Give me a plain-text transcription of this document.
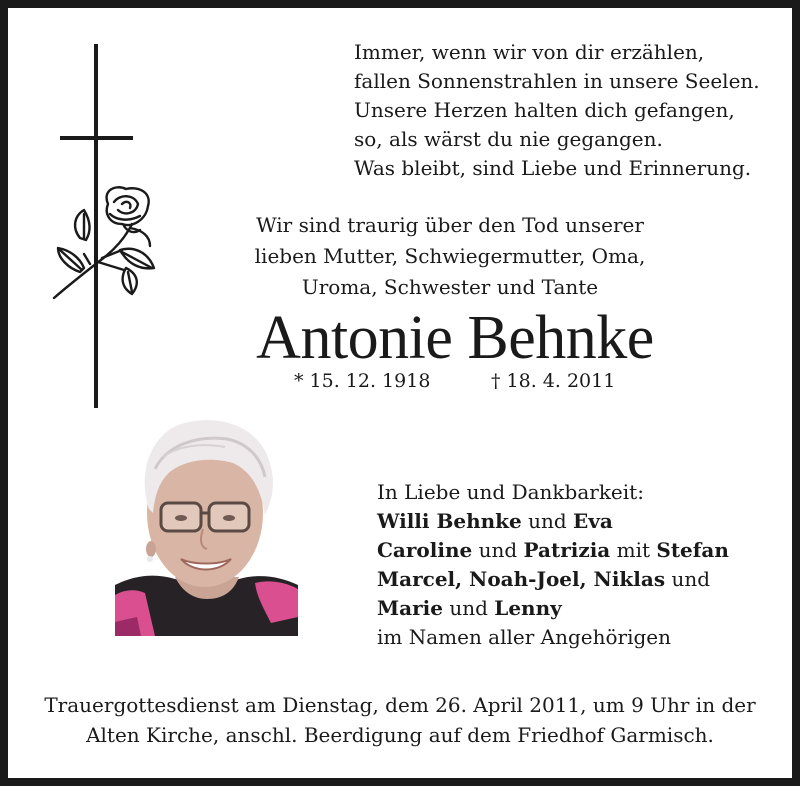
Immer, wenn wir von dir erzählen,
fallen Sonnenstrahlen in unsere Seelen.
Unsere Herzen halten dich gefangen,
so, als wärst du nie gegangen.
Was bleibt, sind Liebe und Erinnerung.
Wir sind traurig über den Tod unserer
lieben Mutter, Schwiegermutter, Oma,
Uroma, Schwester und Tante
Antonie Behnke
* 15. 12. 1918	† 18. 4. 2011
In Liebe und Dankbarkeit:
Willi Behnke und Eva
Caroline und Patrizia mit Stefan
Marcel, Noah-Joel, Niklas und
Marie und Lenny
im Namen aller Angehörigen
Trauergottesdienst am Dienstag, dem 26. April 2011, um 9 Uhr in der
Alten Kirche, anschl. Beerdigung auf dem Friedhof Garmisch.
